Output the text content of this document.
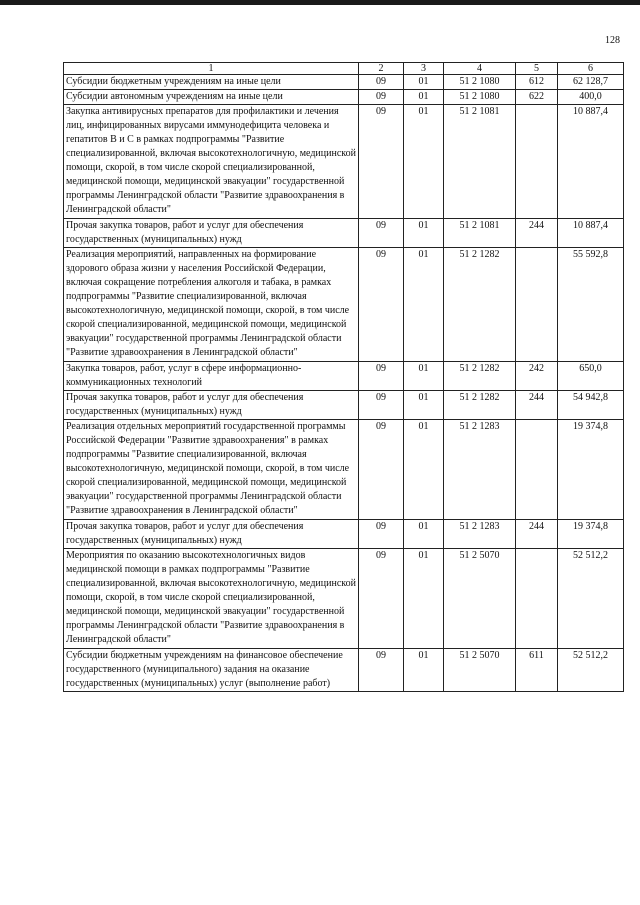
128
1	2	3	4	5	6
Субсидии бюджетным учреждениям на иные цели	09	01	51 2 1080	612	62 128,7
Субсидии автономным учреждениям на иные цели	09	01	51 2 1080	622	400,0
Закупка антивирусных препаратов для профилактики и лечения лиц, инфицированных вирусами иммунодефицита человека и гепатитов В и С в рамках подпрограммы "Развитие специализированной, включая высокотехнологичную, медицинской помощи, скорой, в том числе скорой специализированной, медицинской помощи, медицинской эвакуации" государственной программы Ленинградской области "Развитие здравоохранения в Ленинградской области"	09	01	51 2 1081		10 887,4
Прочая закупка товаров, работ и услуг для обеспечения государственных (муниципальных) нужд	09	01	51 2 1081	244	10 887,4
Реализация мероприятий, направленных на формирование здорового образа жизни у населения Российской Федерации, включая сокращение потребления алкоголя и табака, в рамках подпрограммы "Развитие специализированной, включая высокотехнологичную, медицинской помощи, скорой, в том числе скорой специализированной, медицинской помощи, медицинской эвакуации" государственной программы Ленинградской области "Развитие здравоохранения в Ленинградской области"	09	01	51 2 1282		55 592,8
Закупка товаров, работ, услуг в сфере информационно-коммуникационных технологий	09	01	51 2 1282	242	650,0
Прочая закупка товаров, работ и услуг для обеспечения государственных (муниципальных) нужд	09	01	51 2 1282	244	54 942,8
Реализация отдельных мероприятий государственной программы Российской Федерации "Развитие здравоохранения" в рамках подпрограммы "Развитие специализированной, включая высокотехнологичную, медицинской помощи, скорой, в том числе скорой специализированной, медицинской помощи, медицинской эвакуации" государственной программы Ленинградской области "Развитие здравоохранения в Ленинградской области"	09	01	51 2 1283		19 374,8
Прочая закупка товаров, работ и услуг для обеспечения государственных (муниципальных) нужд	09	01	51 2 1283	244	19 374,8
Мероприятия по оказанию высокотехнологичных видов медицинской помощи в рамках подпрограммы "Развитие специализированной, включая высокотехнологичную, медицинской помощи, скорой, в том числе скорой специализированной, медицинской помощи, медицинской эвакуации" государственной программы Ленинградской области "Развитие здравоохранения в Ленинградской области"	09	01	51 2 5070		52 512,2
Субсидии бюджетным учреждениям на финансовое обеспечение государственного (муниципального) задания на оказание государственных (муниципальных) услуг (выполнение работ)	09	01	51 2 5070	611	52 512,2
